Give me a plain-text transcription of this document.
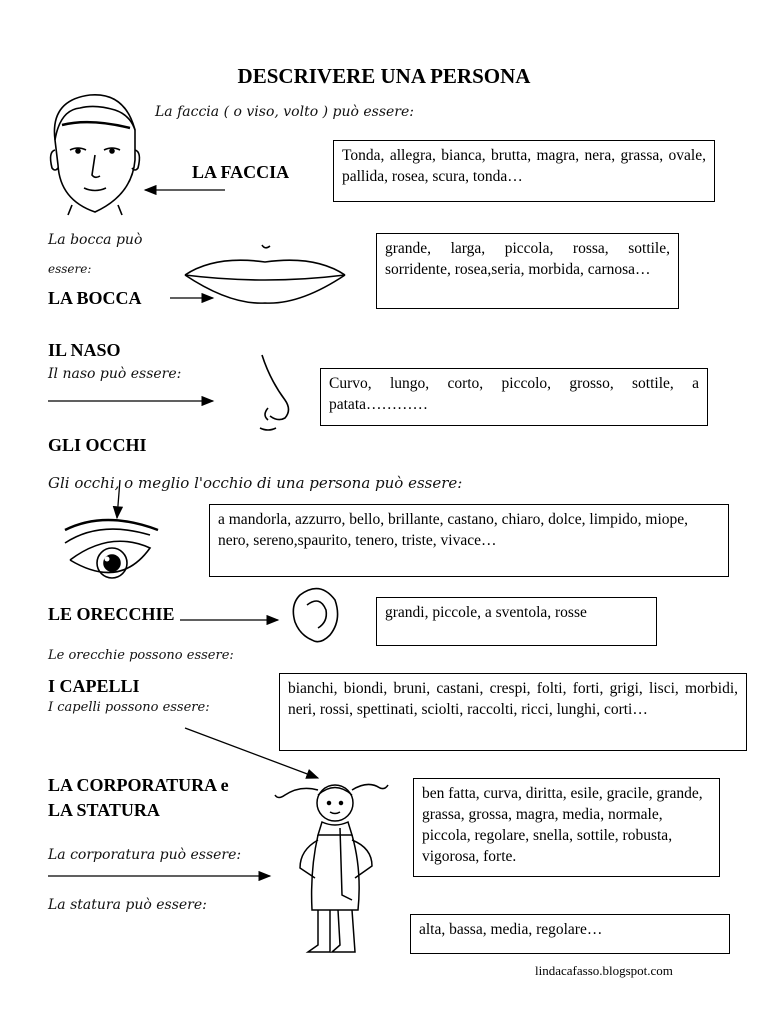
DESCRIVERE UNA PERSONA
La faccia ( o viso, volto ) può essere:
LA FACCIA
Tonda, allegra, bianca, brutta, magra, nera, grassa, ovale, pallida, rosea, scura, tonda…
La bocca può
essere:
LA BOCCA
grande, larga, piccola, rossa, sottile, sorridente, rosea,seria, morbida, carnosa…
IL NASO
Il naso può essere:
Curvo, lungo, corto, piccolo, grosso, sottile, a patata…………
GLI OCCHI
Gli occhi, o meglio l'occhio di una persona può essere:
a mandorla, azzurro, bello, brillante, castano, chiaro, dolce, limpido, miope, nero, sereno,spaurito, tenero, triste, vivace…
LE ORECCHIE	grandi, piccole, a sventola, rosse
Le orecchie possono essere:
I CAPELLI
I capelli possono essere:
bianchi, biondi, bruni, castani, crespi, folti, forti, grigi, lisci, morbidi, neri, rossi, spettinati, sciolti, raccolti, ricci, lunghi, corti…
LA CORPORATURA e
LA STATURA
La corporatura può essere:
La statura può essere:
ben fatta, curva, diritta, esile, gracile, grande, grassa, grossa, magra, media, normale, piccola, regolare, snella, sottile, robusta, vigorosa, forte.
alta, bassa, media, regolare…
lindacafasso.blogspot.com
